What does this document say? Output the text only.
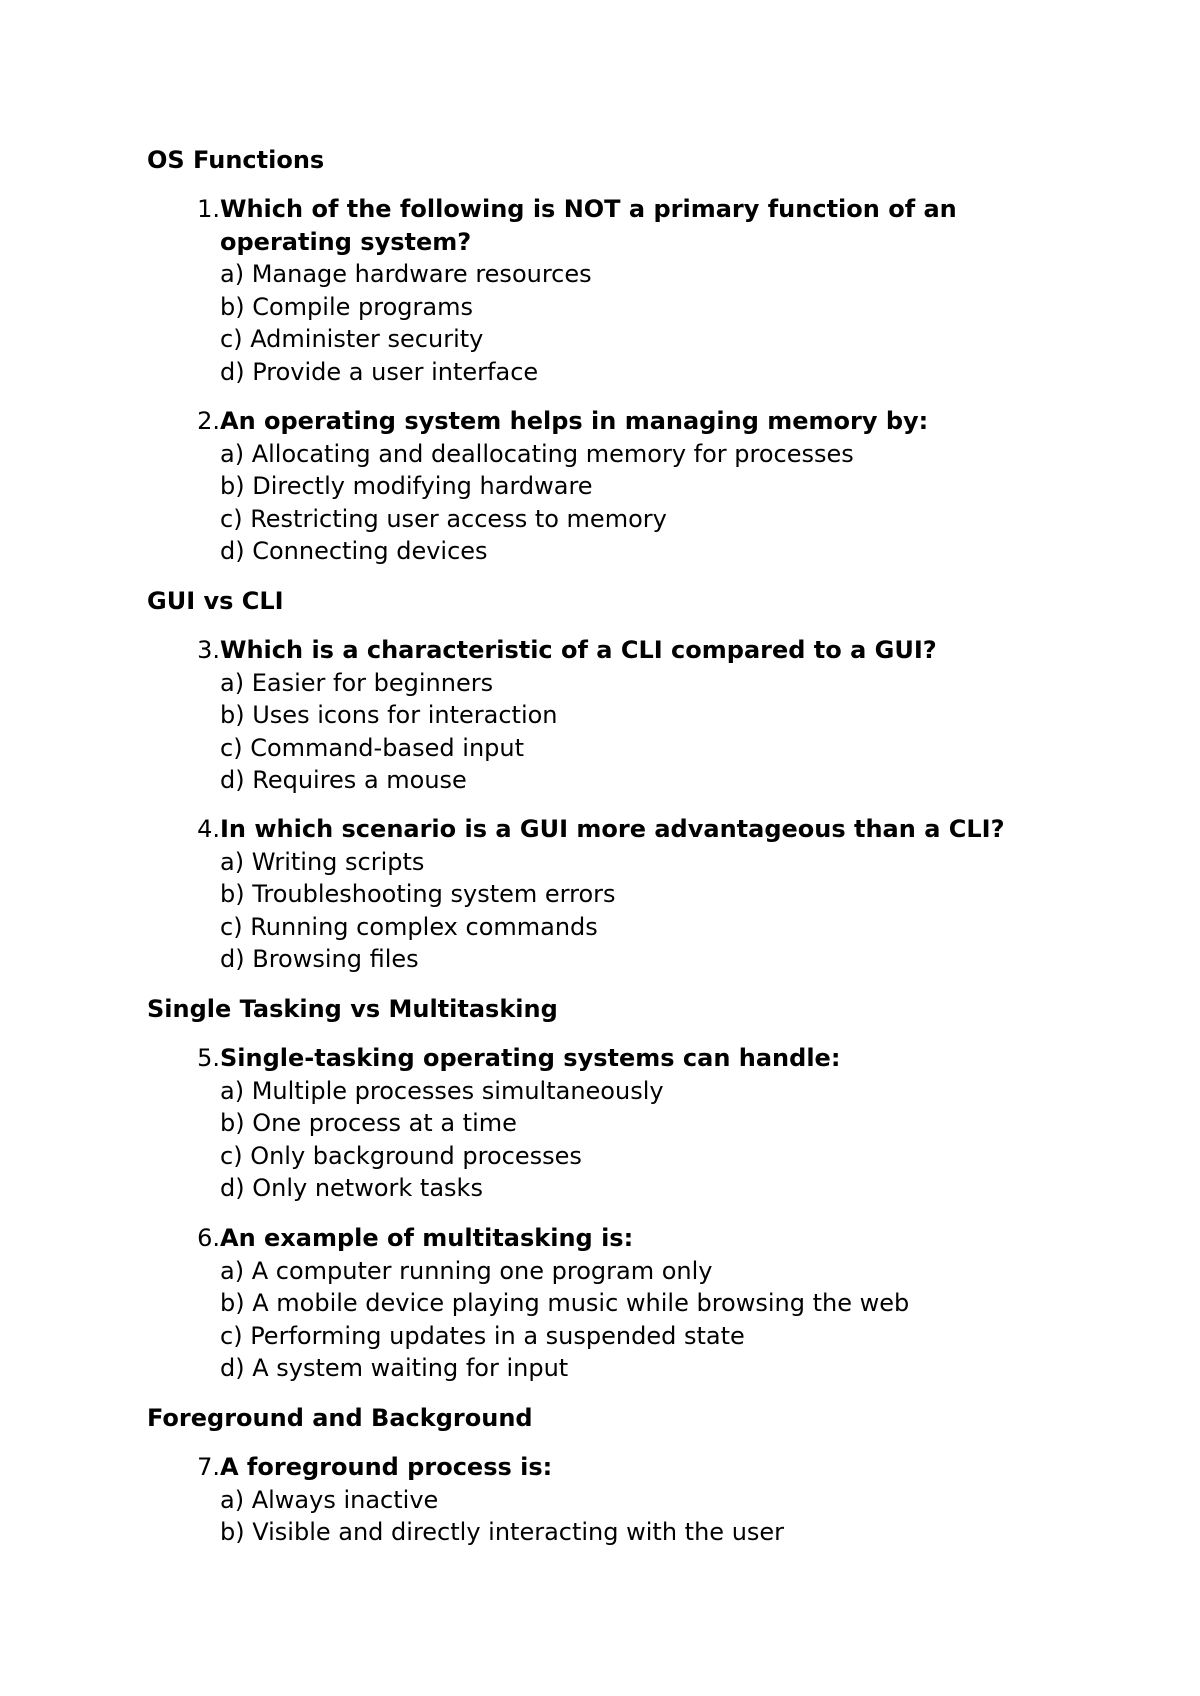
OS Functions
1. Which of the following is NOT a primary function of an operating system?
a) Manage hardware resources
b) Compile programs
c) Administer security
d) Provide a user interface
2. An operating system helps in managing memory by:
a) Allocating and deallocating memory for processes
b) Directly modifying hardware
c) Restricting user access to memory
d) Connecting devices
GUI vs CLI
3. Which is a characteristic of a CLI compared to a GUI?
a) Easier for beginners
b) Uses icons for interaction
c) Command-based input
d) Requires a mouse
4. In which scenario is a GUI more advantageous than a CLI?
a) Writing scripts
b) Troubleshooting system errors
c) Running complex commands
d) Browsing files
Single Tasking vs Multitasking
5. Single-tasking operating systems can handle:
a) Multiple processes simultaneously
b) One process at a time
c) Only background processes
d) Only network tasks
6. An example of multitasking is:
a) A computer running one program only
b) A mobile device playing music while browsing the web
c) Performing updates in a suspended state
d) A system waiting for input
Foreground and Background
7. A foreground process is:
a) Always inactive
b) Visible and directly interacting with the user
